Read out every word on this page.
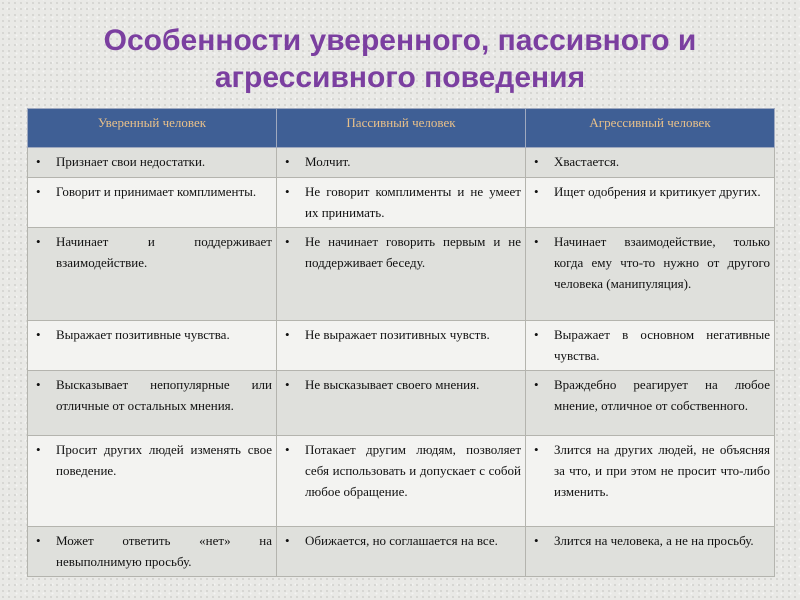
Особенности уверенного, пассивного и
агрессивного поведения
Уверенный человек	Пассивный человек	Агрессивный человек
• Признает свои недостатки.	• Молчит.	• Хвастается.
• Говорит и принимает комплименты.	• Не говорит комплименты и не умеет их принимать.	• Ищет одобрения и критикует других.
• Начинает и поддерживает взаимодействие.	• Не начинает говорить первым и не поддерживает беседу.	• Начинает взаимодействие, только когда ему что-то нужно от другого человека (манипуляция).
• Выражает позитивные чувства.	• Не выражает позитивных чувств.	• Выражает в основном негативные чувства.
• Высказывает непопулярные или отличные от остальных мнения.	• Не высказывает своего мнения.	• Враждебно реагирует на любое мнение, отличное от собственного.
• Просит других людей изменять свое поведение.	• Потакает другим людям, позволяет себя использовать и допускает с собой любое обращение.	• Злится на других людей, не объясняя за что, и при этом не просит что-либо изменить.
• Может ответить «нет» на невыполнимую просьбу.	• Обижается, но соглашается на все.	• Злится на человека, а не на просьбу.
